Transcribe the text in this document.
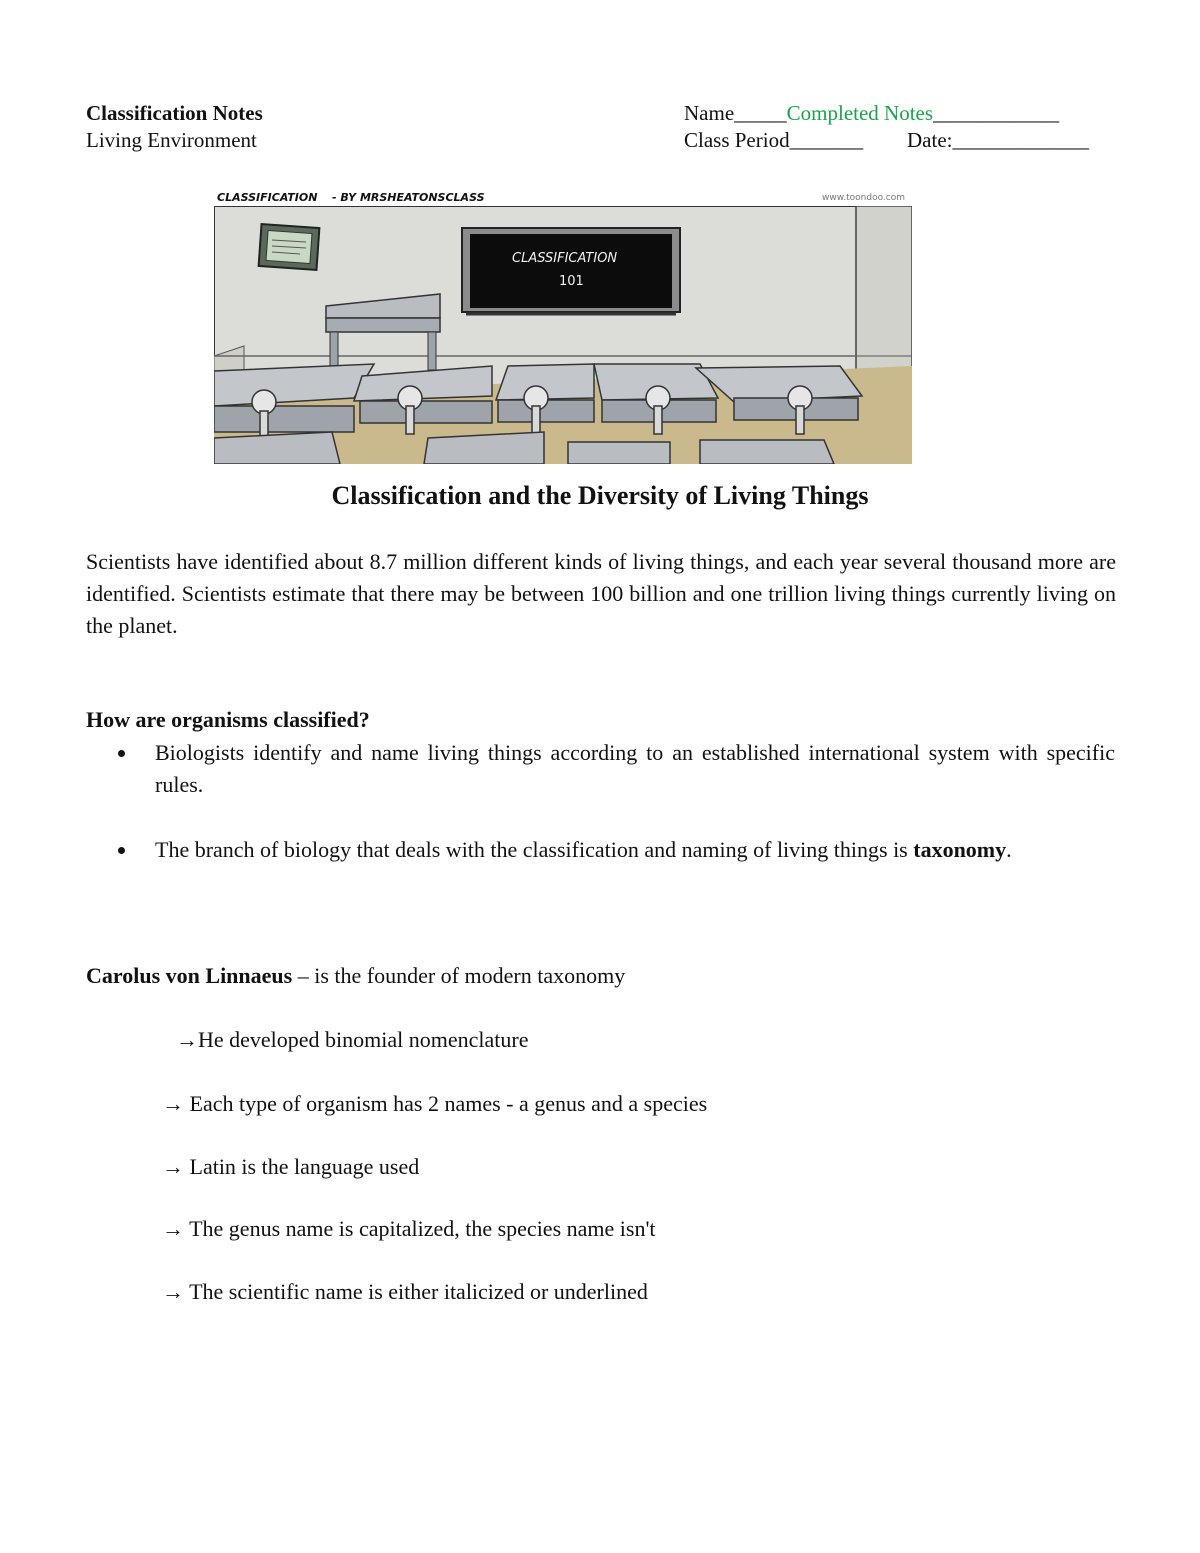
Classification Notes
Living Environment
Name_____Completed Notes____________
Class Period_______ Date:_____________
CLASSIFICATION - BY MRSHEATONSCLASS	www.toondoo.com
CLASSIFICATION
101
Classification and the Diversity of Living Things
Scientists have identified about 8.7 million different kinds of living things, and each year several thousand more are identified. Scientists estimate that there may be between 100 billion and one trillion living things currently living on the planet.
How are organisms classified?
Biologists identify and name living things according to an established international system with specific rules.
The branch of biology that deals with the classification and naming of living things is taxonomy.
Carolus von Linnaeus – is the founder of modern taxonomy
→He developed binomial nomenclature
→ Each type of organism has 2 names - a genus and a species
→ Latin is the language used
→ The genus name is capitalized, the species name isn't
→ The scientific name is either italicized or underlined
